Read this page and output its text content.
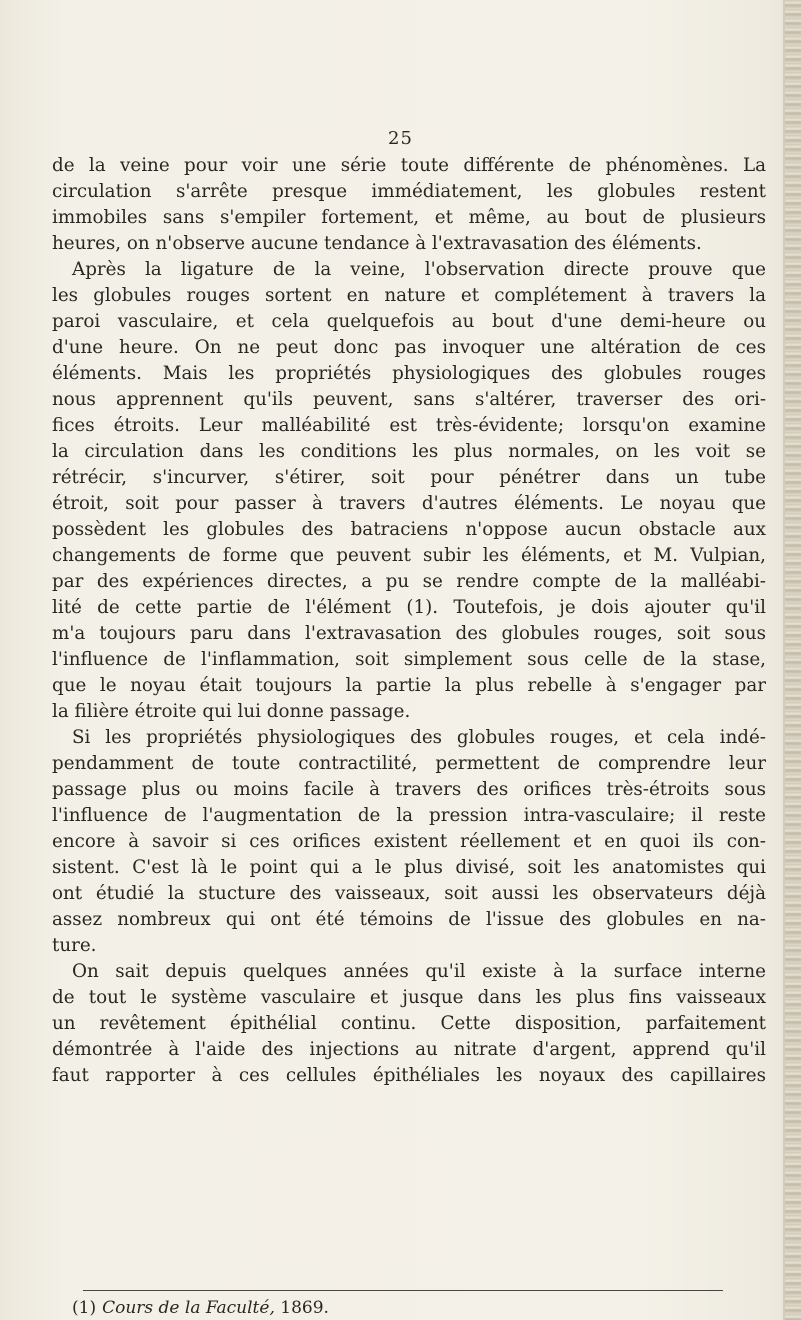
25
de la veine pour voir une série toute différente de phénomènes. La
circulation s'arrête presque immédiatement, les globules restent
immobiles sans s'empiler fortement, et même, au bout de plusieurs
heures, on n'observe aucune tendance à l'extravasation des éléments.
Après la ligature de la veine, l'observation directe prouve que
les globules rouges sortent en nature et complétement à travers la
paroi vasculaire, et cela quelquefois au bout d'une demi-heure ou
d'une heure. On ne peut donc pas invoquer une altération de ces
éléments. Mais les propriétés physiologiques des globules rouges
nous apprennent qu'ils peuvent, sans s'altérer, traverser des ori-
fices étroits. Leur malléabilité est très-évidente; lorsqu'on examine
la circulation dans les conditions les plus normales, on les voit se
rétrécir, s'incurver, s'étirer, soit pour pénétrer dans un tube
étroit, soit pour passer à travers d'autres éléments. Le noyau que
possèdent les globules des batraciens n'oppose aucun obstacle aux
changements de forme que peuvent subir les éléments, et M. Vulpian,
par des expériences directes, a pu se rendre compte de la malléabi-
lité de cette partie de l'élément (1). Toutefois, je dois ajouter qu'il
m'a toujours paru dans l'extravasation des globules rouges, soit sous
l'influence de l'inflammation, soit simplement sous celle de la stase,
que le noyau était toujours la partie la plus rebelle à s'engager par
la filière étroite qui lui donne passage.
Si les propriétés physiologiques des globules rouges, et cela indé-
pendamment de toute contractilité, permettent de comprendre leur
passage plus ou moins facile à travers des orifices très-étroits sous
l'influence de l'augmentation de la pression intra-vasculaire; il reste
encore à savoir si ces orifices existent réellement et en quoi ils con-
sistent. C'est là le point qui a le plus divisé, soit les anatomistes qui
ont étudié la stucture des vaisseaux, soit aussi les observateurs déjà
assez nombreux qui ont été témoins de l'issue des globules en na-
ture.
On sait depuis quelques années qu'il existe à la surface interne
de tout le système vasculaire et jusque dans les plus fins vaisseaux
un revêtement épithélial continu. Cette disposition, parfaitement
démontrée à l'aide des injections au nitrate d'argent, apprend qu'il
faut rapporter à ces cellules épithéliales les noyaux des capillaires
(1) Cours de la Faculté, 1869.
